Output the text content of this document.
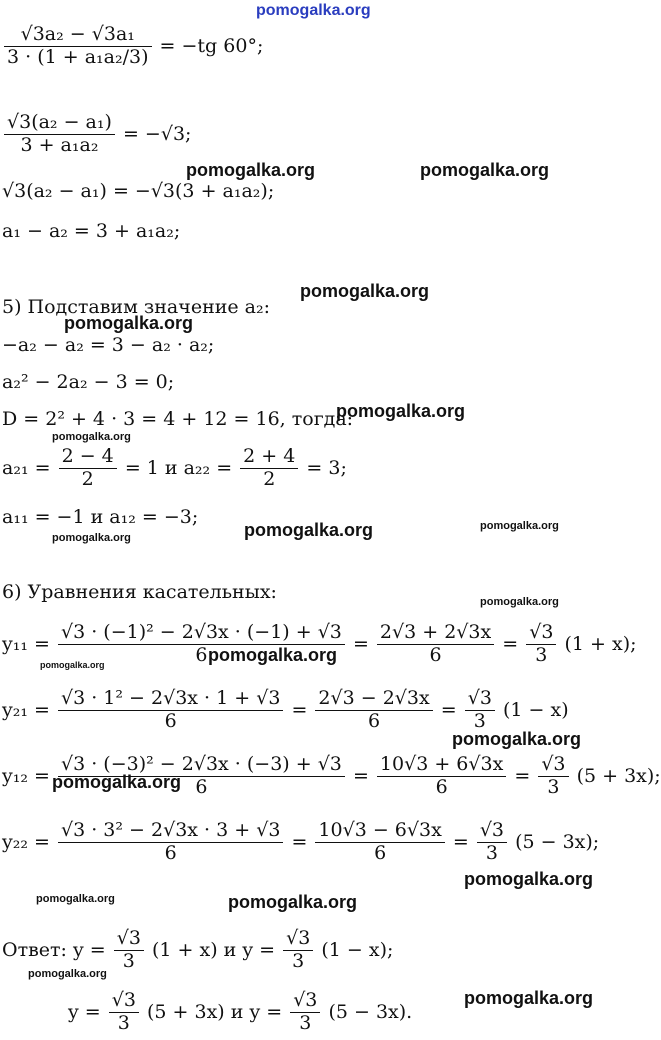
pomogalka.org
$\frac{\text{√3a₂ − √3a₁}}{\text{3 · (1 + a₁a₂/3)}} = -tg$ 60°;
$\frac{\text{√3(a₂ − a₁)}}{\text{3 + a₁a₂}} = -√3$;
√3(a₂ − a₁) = −√3(3 + a₁a₂);
a₁ − a₂ = 3 + a₁a₂;
5) Подставим значение a₂:
−a₂ − a₂ = 3 − a₂ · a₂;
a₂² − 2a₂ − 3 = 0;
D = 2² + 4 · 3 = 4 + 12 = 16, тогда:
$a_{21} = \frac{2 - 4}{2} = 1$ и $a_{22} = \frac{2 + 4}{2} = 3$;
a₁₁ = −1 и a₁₂ = −3;
6) Уравнения касательных:
$y_{11} = \frac{\text{√3 · (−1)² − 2√3x · (−1) + √3}}{6} = \frac{2√3 + 2√3x}{6} = \frac{√3}{3} (1 + x)$;
$y_{21} = \frac{\text{√3 · 1² − 2√3x · 1 + √3}}{6} = \frac{2√3 - 2√3x}{6} = \frac{√3}{3} (1 - x)$
$y_{12} = \frac{\text{√3 · (−3)² − 2√3x · (−3) + √3}}{6} = \frac{10√3 + 6√3x}{6} = \frac{√3}{3} (5 + 3x)$;
$y_{22} = \frac{\text{√3 · 3² − 2√3x · 3 + √3}}{6} = \frac{10√3 - 6√3x}{6} = \frac{√3}{3} (5 - 3x)$;
Ответ: $y = \frac{√3}{3} (1 + x)$ и $y = \frac{√3}{3} (1 - x)$;
$y = \frac{√3}{3} (5 + 3x)$ и $y = \frac{√3}{3} (5 - 3x)$.
pomogalka.org	pomogalka.org
pomogalka.org
pomogalka.org
pomogalka.org
pomogalka.org
pomogalka.org	pomogalka.org
pomogalka.org
pomogalka.org
pomogalka.org
pomogalka.org
pomogalka.org
pomogalka.org
pomogalka.org
pomogalka.org	pomogalka.org
pomogalka.org
pomogalka.org
